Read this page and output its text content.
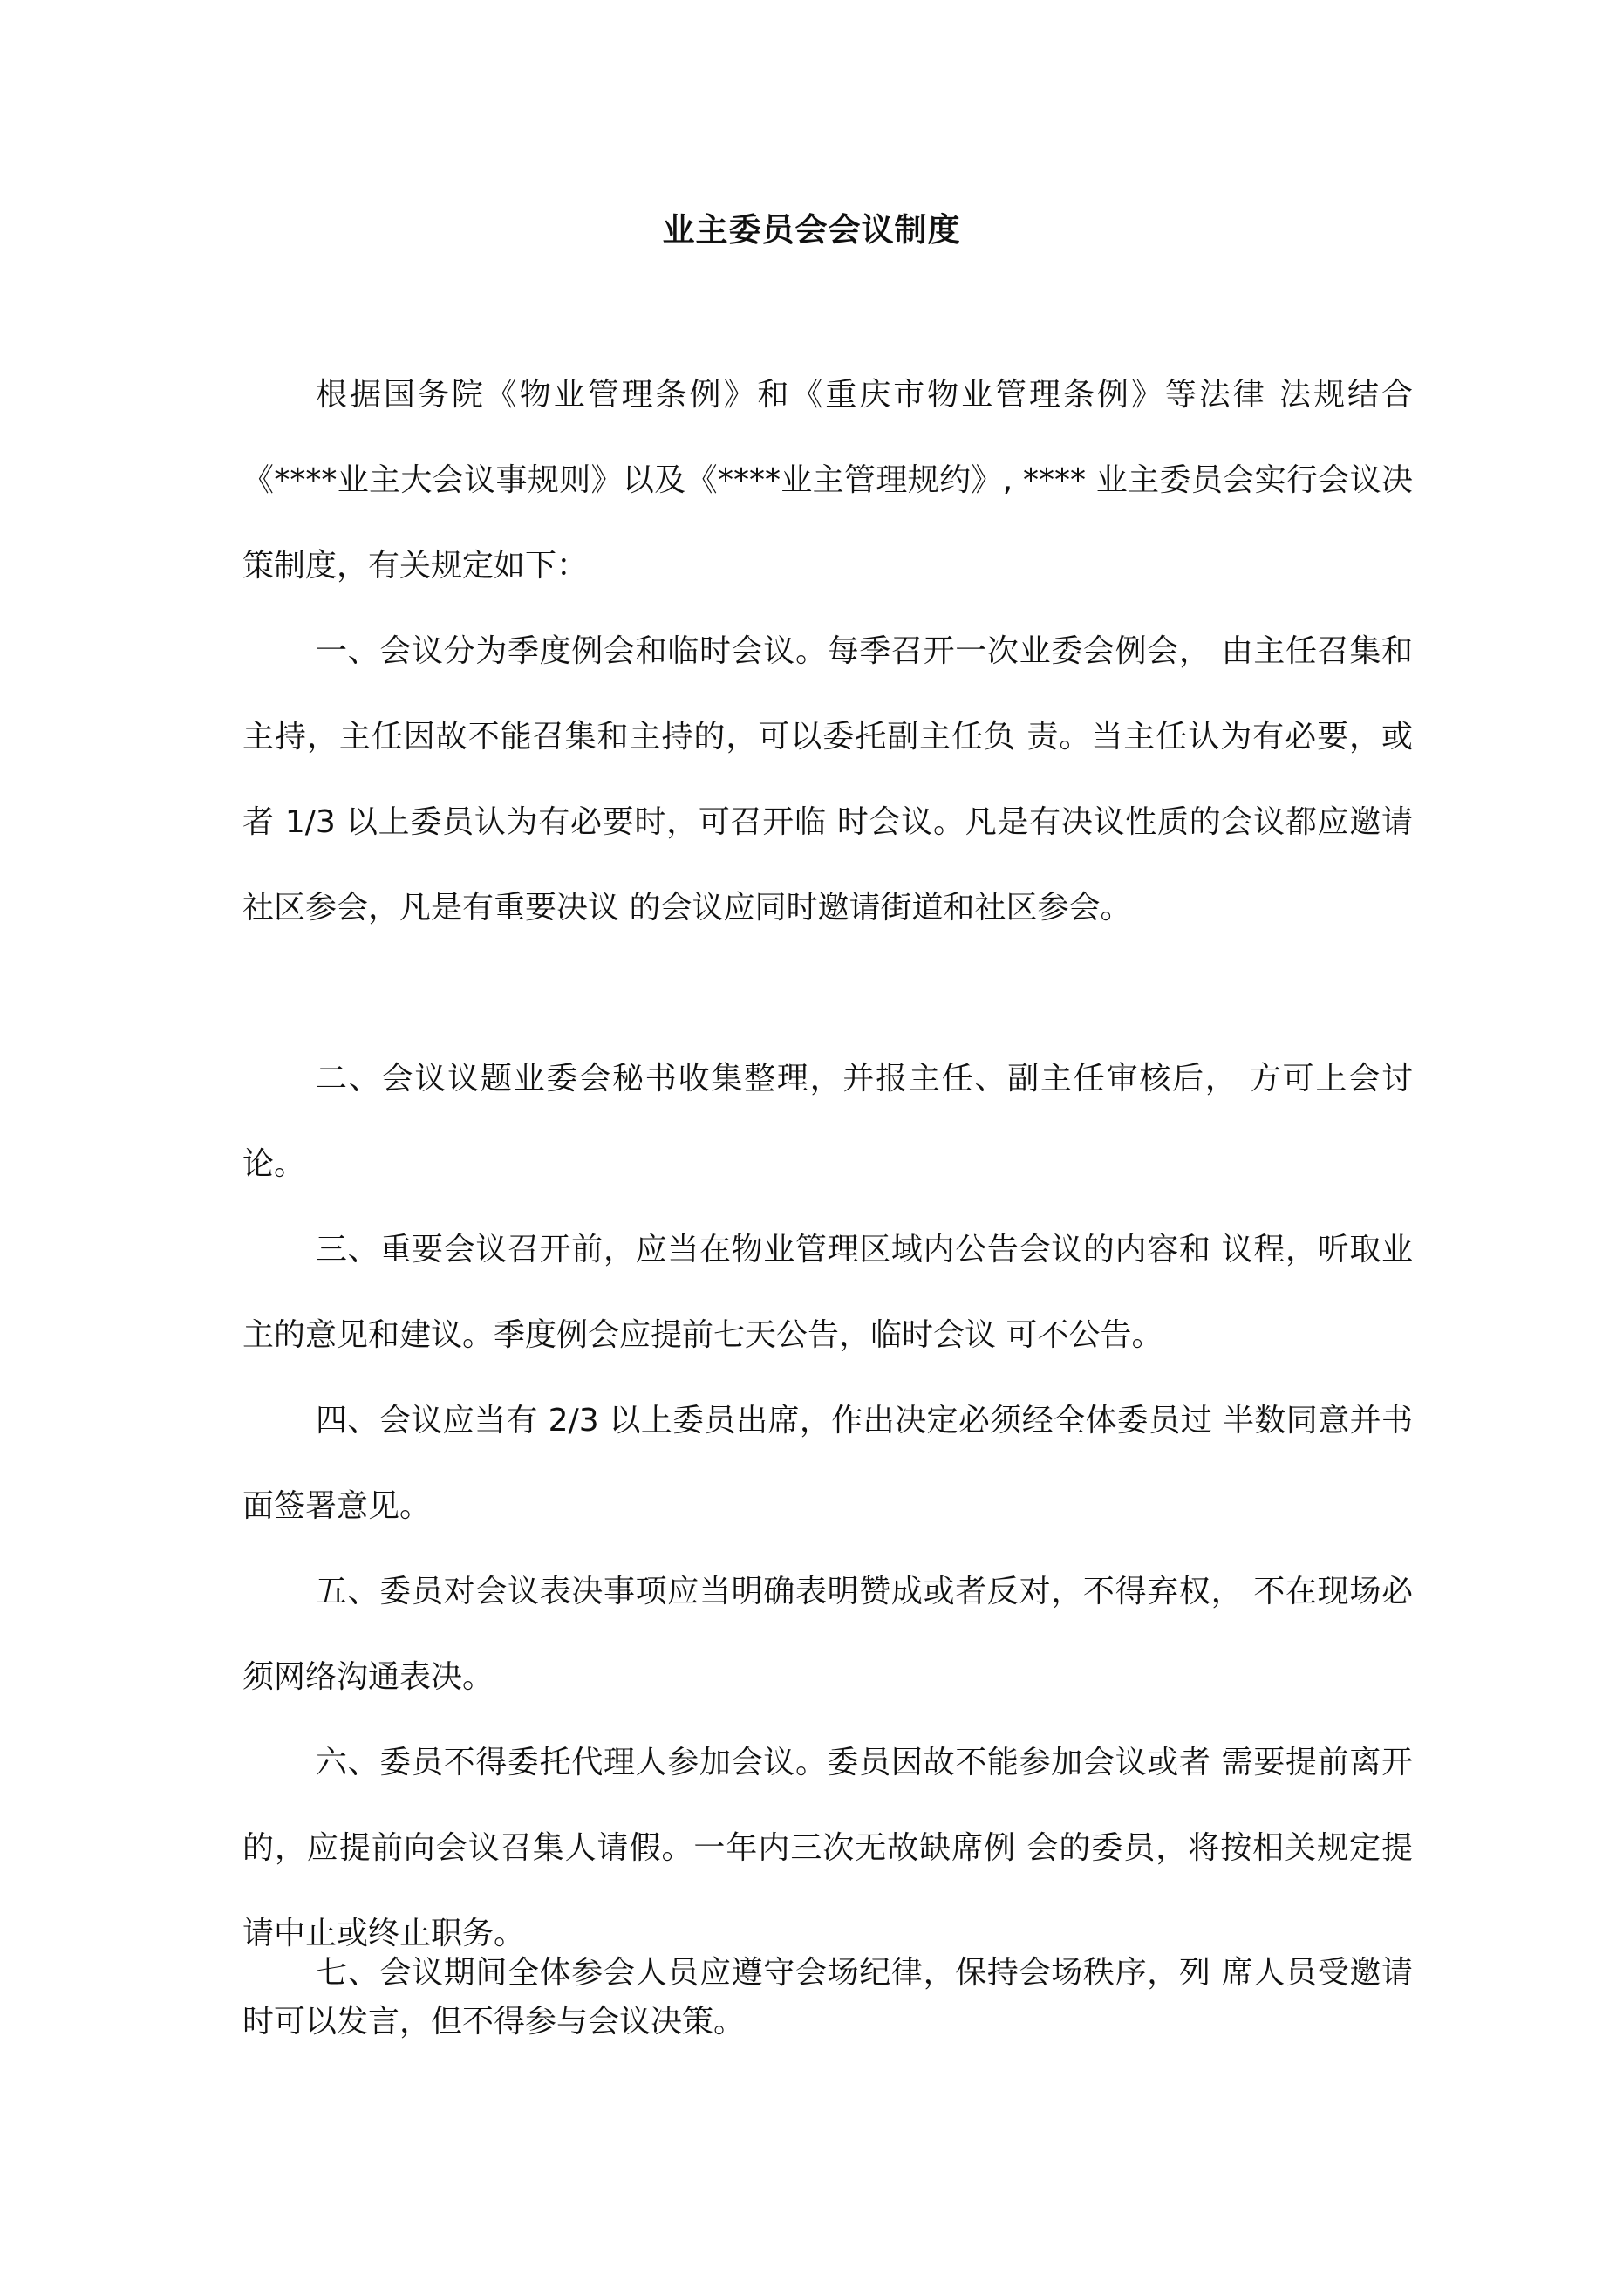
业主委员会会议制度

根据国务院《物业管理条例》和《重庆市物业管理条例》等法律 法规结合《****业主大会议事规则》以及《****业主管理规约》, **** 业主委员会实行会议决策制度，有关规定如下：

一、会议分为季度例会和临时会议。每季召开一次业委会例会， 由主任召集和主持，主任因故不能召集和主持的，可以委托副主任负 责。当主任认为有必要，或者 1/3 以上委员认为有必要时，可召开临 时会议。凡是有决议性质的会议都应邀请社区参会，凡是有重要决议 的会议应同时邀请街道和社区参会。

二、会议议题业委会秘书收集整理，并报主任、副主任审核后， 方可上会讨论。

三、重要会议召开前，应当在物业管理区域内公告会议的内容和 议程，听取业主的意见和建议。季度例会应提前七天公告，临时会议 可不公告。

四、会议应当有 2/3 以上委员出席，作出决定必须经全体委员过 半数同意并书面签署意见。

五、委员对会议表决事项应当明确表明赞成或者反对，不得弃权， 不在现场必须网络沟通表决。

六、委员不得委托代理人参加会议。委员因故不能参加会议或者 需要提前离开的，应提前向会议召集人请假。一年内三次无故缺席例 会的委员，将按相关规定提请中止或终止职务。

七、会议期间全体参会人员应遵守会场纪律，保持会场秩序，列 席人员受邀请时可以发言，但不得参与会议决策。
